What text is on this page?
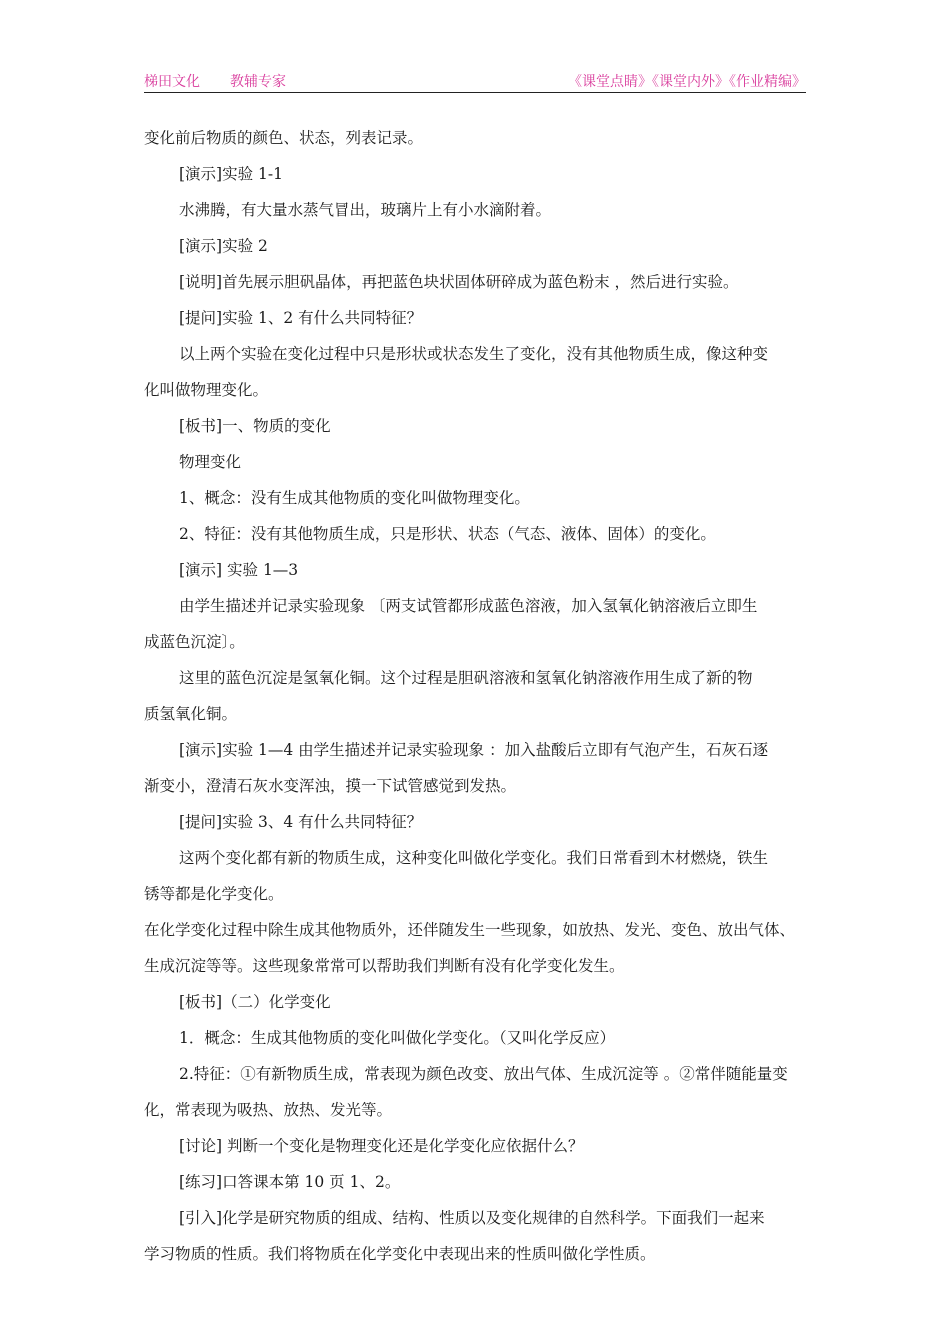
梯田文化 教辅专家	《课堂点睛》《课堂内外》《作业精编》

变化前后物质的颜色、状态，列表记录。

[演示]实验 1-1

水沸腾，有大量水蒸气冒出，玻璃片上有小水滴附着。

[演示]实验 2

[说明]首先展示胆矾晶体，再把蓝色块状固体研碎成为蓝色粉末 ，然后进行实验。

[提问]实验 1、2 有什么共同特征？

以上两个实验在变化过程中只是形状或状态发生了变化，没有其他物质生成，像这种变

化叫做物理变化。

[板书]一、物质的变化

物理变化

1、概念：没有生成其他物质的变化叫做物理变化。

2、特征：没有其他物质生成，只是形状、状态（气态、液体、固体）的变化。

[演示] 实验 1—3

由学生描述并记录实验现象 〔两支试管都形成蓝色溶液，加入氢氧化钠溶液后立即生

成蓝色沉淀〕。

这里的蓝色沉淀是氢氧化铜。这个过程是胆矾溶液和氢氧化钠溶液作用生成了新的物

质氢氧化铜。

[演示]实验 1—4 由学生描述并记录实验现象 ：加入盐酸后立即有气泡产生，石灰石逐

渐变小，澄清石灰水变浑浊，摸一下试管感觉到发热。

[提问]实验 3、4 有什么共同特征？

这两个变化都有新的物质生成，这种变化叫做化学变化。我们日常看到木材燃烧，铁生

锈等都是化学变化。

在化学变化过程中除生成其他物质外，还伴随发生一些现象，如放热、发光、变色、放出气体、

生成沉淀等等。这些现象常常可以帮助我们判断有没有化学变化发生。

[板书]（二）化学变化

1．概念：生成其他物质的变化叫做化学变化。（又叫化学反应）

2.特征：①有新物质生成，常表现为颜色改变、放出气体、生成沉淀等 。②常伴随能量变

化，常表现为吸热、放热、发光等。

[讨论] 判断一个变化是物理变化还是化学变化应依据什么？

[练习]口答课本第 10 页 1、2。

[引入]化学是研究物质的组成、结构、性质以及变化规律的自然科学。下面我们一起来

学习物质的性质。我们将物质在化学变化中表现出来的性质叫做化学性质。
